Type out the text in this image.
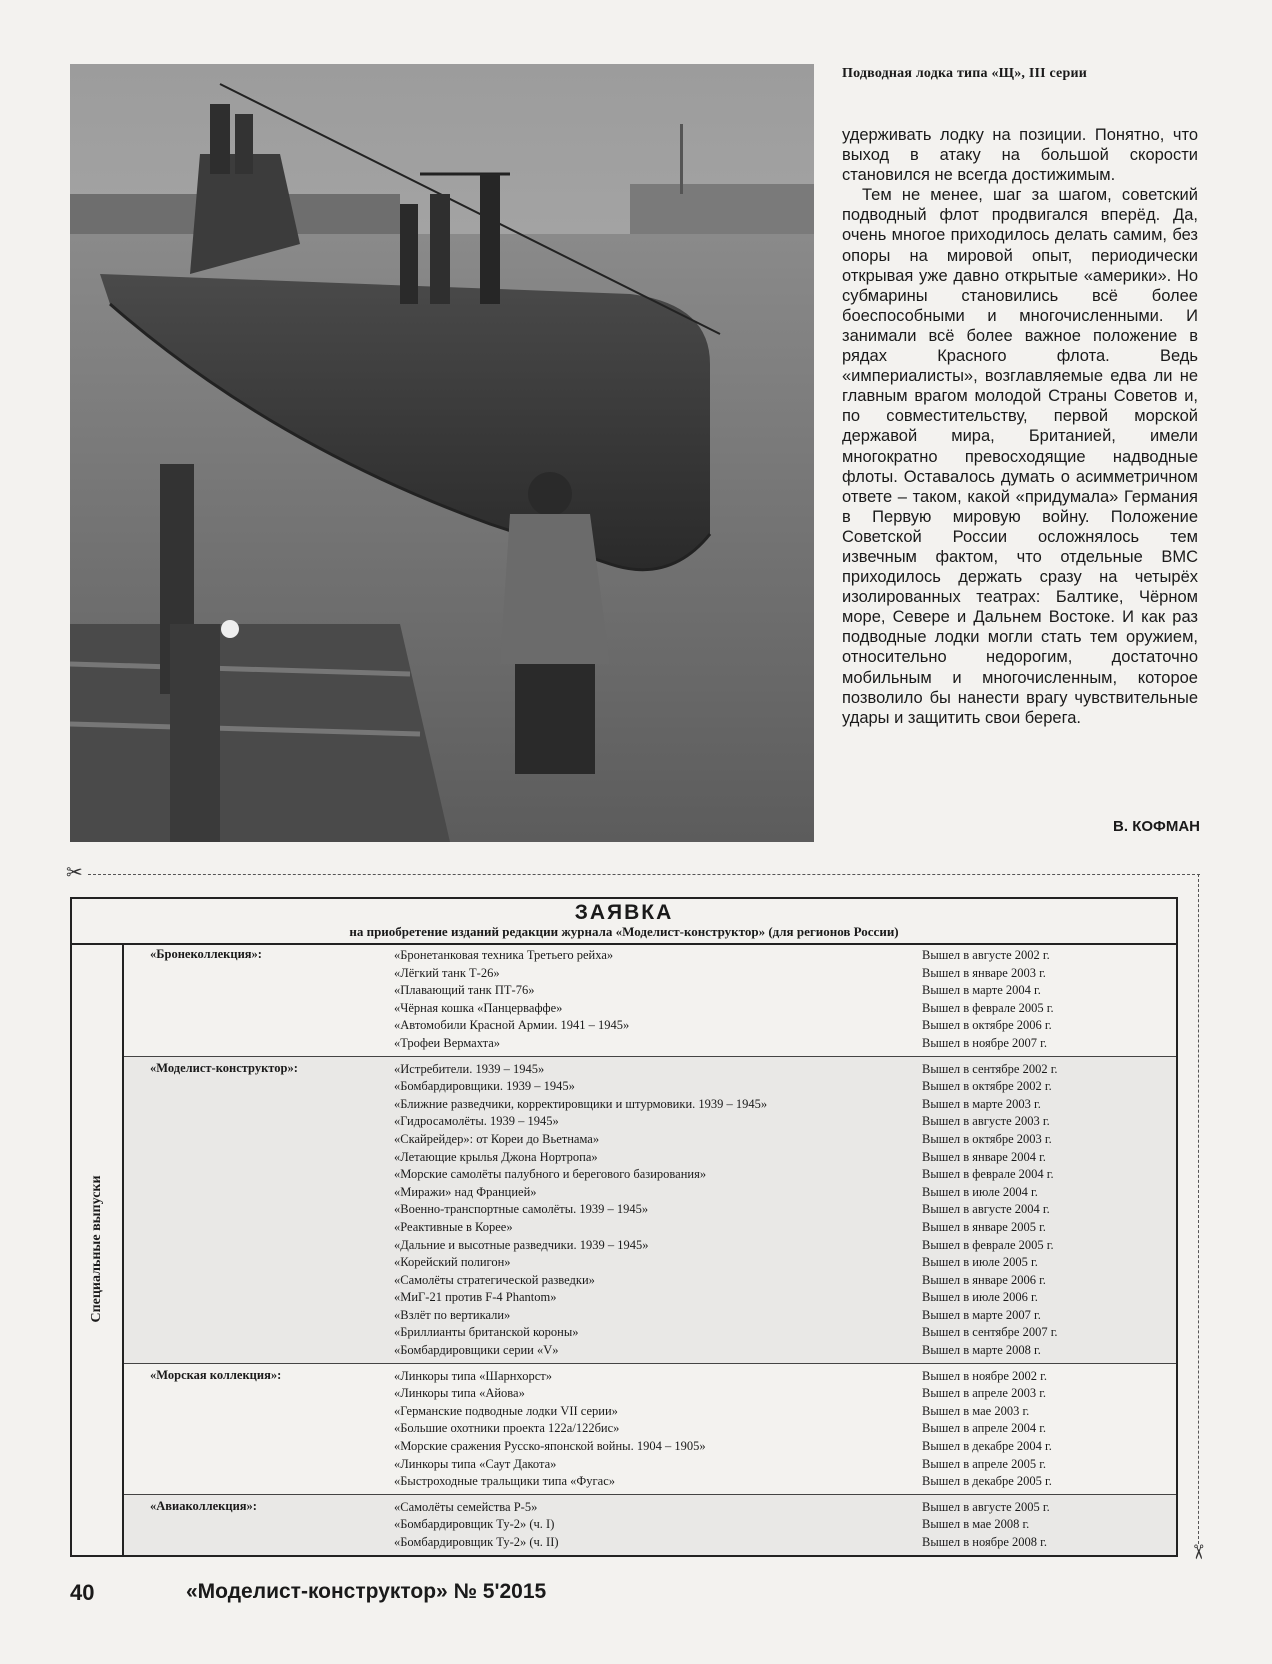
Подводная лодка типа «Щ», III серии

удерживать лодку на позиции. Понятно, что выход в атаку на большой скорости становился не всегда достижимым.
Тем не менее, шаг за шагом, советский подводный флот продвигался вперёд. Да, очень многое приходилось делать самим, без опоры на мировой опыт, периодически открывая уже давно открытые «америки». Но субмарины становились всё более боеспособными и многочисленными. И занимали всё более важное положение в рядах Красного флота. Ведь «империалисты», возглавляемые едва ли не главным врагом молодой Страны Советов и, по совместительству, первой морской державой мира, Британией, имели многократно превосходящие надводные флоты. Оставалось думать о асимметричном ответе – таком, какой «придумала» Германия в Первую мировую войну. Положение Советской России осложнялось тем извечным фактом, что отдельные ВМС приходилось держать сразу на четырёх изолированных театрах: Балтике, Чёрном море, Севере и Дальнем Востоке. И как раз подводные лодки могли стать тем оружием, относительно недорогим, достаточно мобильным и многочисленным, которое позволило бы нанести врагу чувствительные удары и защитить свои берега.

В. КОФМАН
✂
✂
ЗАЯВКА
на приобретение изданий редакции журнала «Моделист-конструктор» (для регионов России)
Специальные выпуски
«Бронеколлекция»:	«Бронетанковая техника Третьего рейха»	Вышел в августе 2002 г.
«Лёгкий танк Т-26»	Вышел в январе 2003 г.
«Плавающий танк ПТ-76»	Вышел в марте 2004 г.
«Чёрная кошка «Панцерваффе»	Вышел в феврале 2005 г.
«Автомобили Красной Армии. 1941 – 1945»	Вышел в октябре 2006 г.
«Трофеи Вермахта»	Вышел в ноябре 2007 г.
«Моделист-конструктор»:	«Истребители. 1939 – 1945»	Вышел в сентябре 2002 г.
«Бомбардировщики. 1939 – 1945»	Вышел в октябре 2002 г.
«Ближние разведчики, корректировщики и штурмовики. 1939 – 1945»	Вышел в марте 2003 г.
«Гидросамолёты. 1939 – 1945»	Вышел в августе 2003 г.
«Скайрейдер»: от Кореи до Вьетнама»	Вышел в октябре 2003 г.
«Летающие крылья Джона Нортропа»	Вышел в январе 2004 г.
«Морские самолёты палубного и берегового базирования»	Вышел в феврале 2004 г.
«Миражи» над Францией»	Вышел в июле 2004 г.
«Военно-транспортные самолёты. 1939 – 1945»	Вышел в августе 2004 г.
«Реактивные в Корее»	Вышел в январе 2005 г.
«Дальние и высотные разведчики. 1939 – 1945»	Вышел в феврале 2005 г.
«Корейский полигон»	Вышел в июле 2005 г.
«Самолёты стратегической разведки»	Вышел в январе 2006 г.
«МиГ-21 против F-4 Phantom»	Вышел в июле 2006 г.
«Взлёт по вертикали»	Вышел в марте 2007 г.
«Бриллианты британской короны»	Вышел в сентябре 2007 г.
«Бомбардировщики серии «V»	Вышел в марте 2008 г.
«Морская коллекция»:	«Линкоры типа «Шарнхорст»	Вышел в ноябре 2002 г.
«Линкоры типа «Айова»	Вышел в апреле 2003 г.
«Германские подводные лодки VII серии»	Вышел в мае 2003 г.
«Большие охотники проекта 122а/122бис»	Вышел в апреле 2004 г.
«Морские сражения Русско-японской войны. 1904 – 1905»	Вышел в декабре 2004 г.
«Линкоры типа «Саут Дакота»	Вышел в апреле 2005 г.
«Быстроходные тральщики типа «Фугас»	Вышел в декабре 2005 г.
«Авиаколлекция»:	«Самолёты семейства Р-5»	Вышел в августе 2005 г.
«Бомбардировщик Ту-2» (ч. I)	Вышел в мае 2008 г.
«Бомбардировщик Ту-2» (ч. II)	Вышел в ноябре 2008 г.
40	«Моделист-конструктор» № 5'2015
